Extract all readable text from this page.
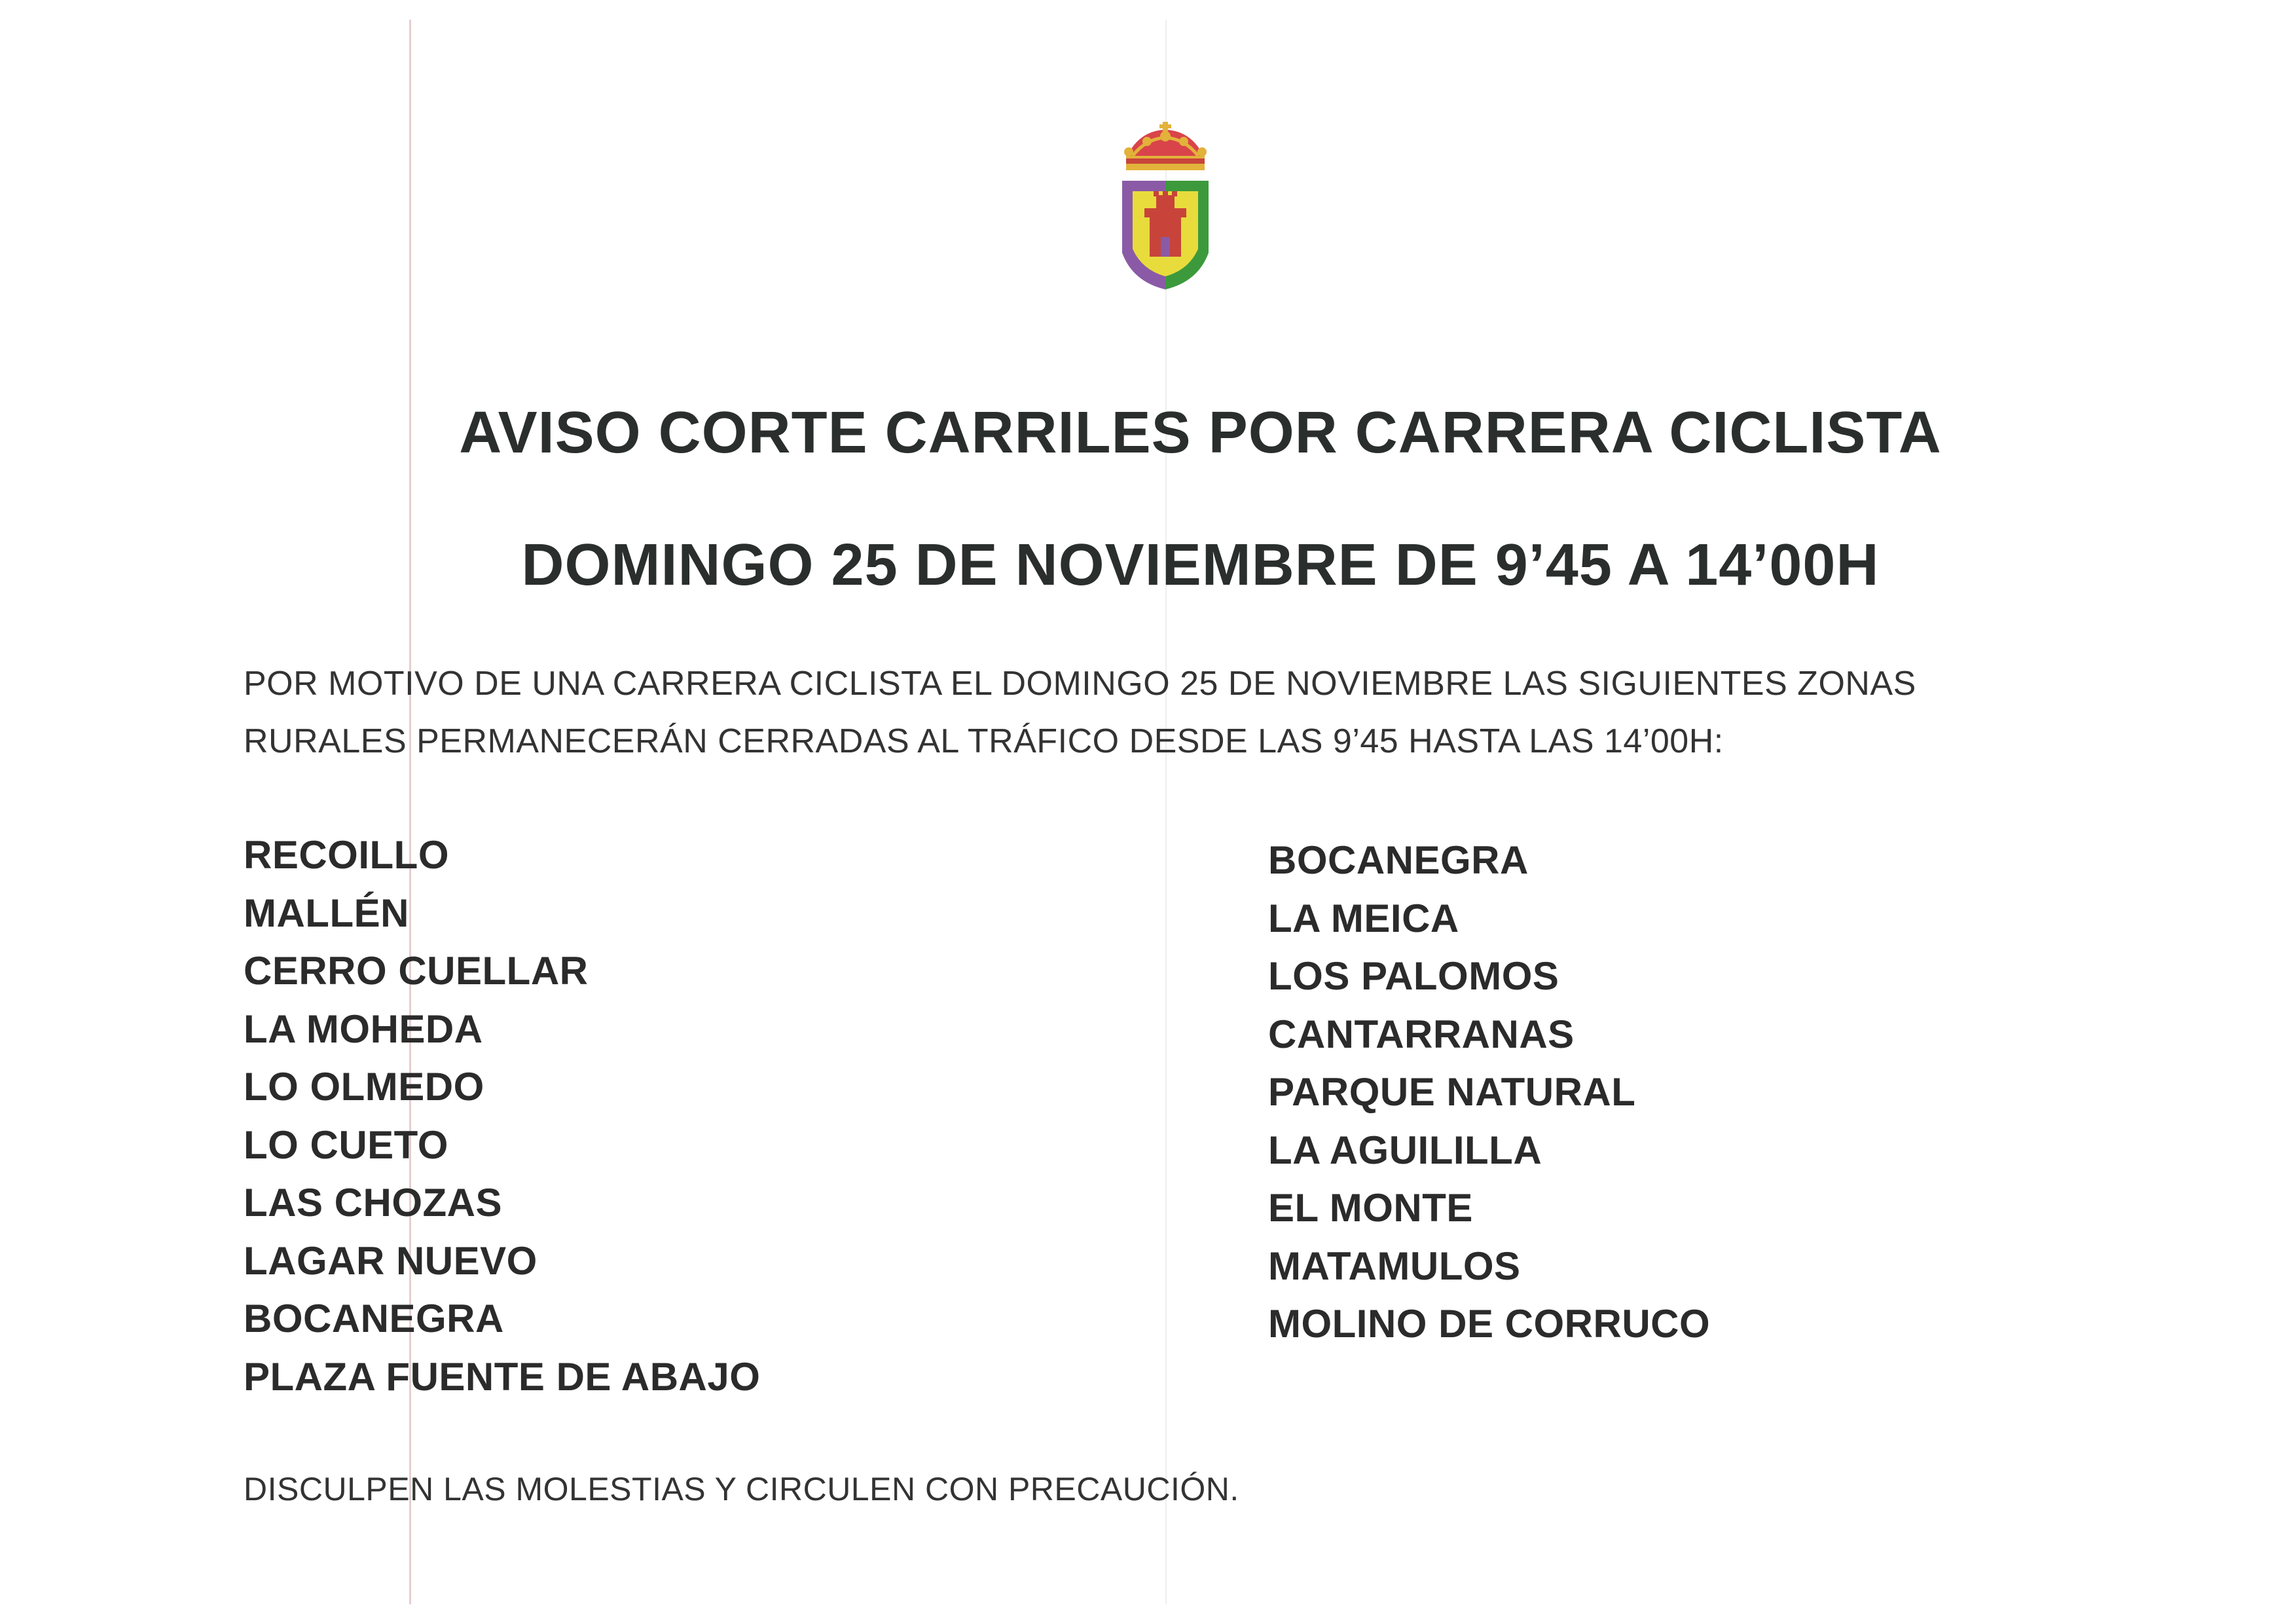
AVISO CORTE CARRILES POR CARRERA CICLISTA
DOMINGO 25 DE NOVIEMBRE DE 9’45 A 14’00H

POR MOTIVO DE UNA CARRERA CICLISTA EL DOMINGO 25 DE NOVIEMBRE LAS SIGUIENTES ZONAS

RURALES PERMANECERÁN CERRADAS AL TRÁFICO DESDE LAS 9’45 HASTA LAS 14’00H:

RECOILLO
MALLÉN
CERRO CUELLAR
LA MOHEDA
LO OLMEDO
LO CUETO
LAS CHOZAS
LAGAR NUEVO
BOCANEGRA
PLAZA FUENTE DE ABAJO
BOCANEGRA
LA MEICA
LOS PALOMOS
CANTARRANAS
PARQUE NATURAL
LA AGUILILLA
EL MONTE
MATAMULOS
MOLINO DE CORRUCO
DISCULPEN LAS MOLESTIAS Y CIRCULEN CON PRECAUCIÓN.
